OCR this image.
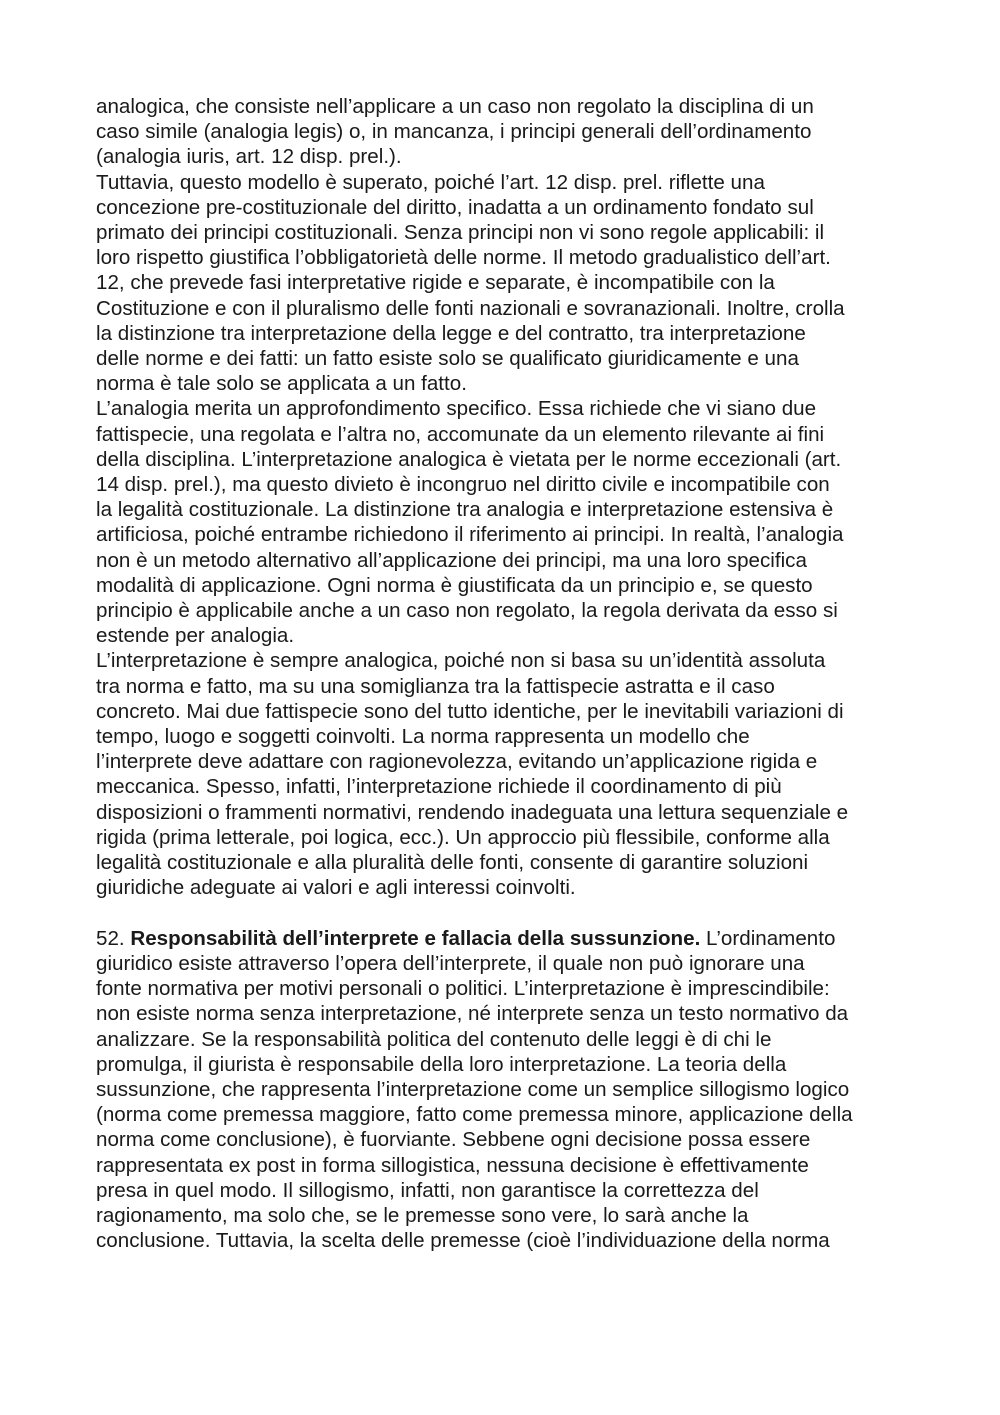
analogica, che consiste nell’applicare a un caso non regolato la disciplina di un
caso simile (analogia legis) o, in mancanza, i principi generali dell’ordinamento
(analogia iuris, art. 12 disp. prel.).

Tuttavia, questo modello è superato, poiché l’art. 12 disp. prel. riflette una
concezione pre-costituzionale del diritto, inadatta a un ordinamento fondato sul
primato dei principi costituzionali. Senza principi non vi sono regole applicabili: il
loro rispetto giustifica l’obbligatorietà delle norme. Il metodo gradualistico dell’art.
12, che prevede fasi interpretative rigide e separate, è incompatibile con la
Costituzione e con il pluralismo delle fonti nazionali e sovranazionali. Inoltre, crolla
la distinzione tra interpretazione della legge e del contratto, tra interpretazione
delle norme e dei fatti: un fatto esiste solo se qualificato giuridicamente e una
norma è tale solo se applicata a un fatto.

L’analogia merita un approfondimento specifico. Essa richiede che vi siano due
fattispecie, una regolata e l’altra no, accomunate da un elemento rilevante ai fini
della disciplina. L’interpretazione analogica è vietata per le norme eccezionali (art.
14 disp. prel.), ma questo divieto è incongruo nel diritto civile e incompatibile con
la legalità costituzionale. La distinzione tra analogia e interpretazione estensiva è
artificiosa, poiché entrambe richiedono il riferimento ai principi. In realtà, l’analogia
non è un metodo alternativo all’applicazione dei principi, ma una loro specifica
modalità di applicazione. Ogni norma è giustificata da un principio e, se questo
principio è applicabile anche a un caso non regolato, la regola derivata da esso si
estende per analogia.

L’interpretazione è sempre analogica, poiché non si basa su un’identità assoluta
tra norma e fatto, ma su una somiglianza tra la fattispecie astratta e il caso
concreto. Mai due fattispecie sono del tutto identiche, per le inevitabili variazioni di
tempo, luogo e soggetti coinvolti. La norma rappresenta un modello che
l’interprete deve adattare con ragionevolezza, evitando un’applicazione rigida e
meccanica. Spesso, infatti, l’interpretazione richiede il coordinamento di più
disposizioni o frammenti normativi, rendendo inadeguata una lettura sequenziale e
rigida (prima letterale, poi logica, ecc.). Un approccio più flessibile, conforme alla
legalità costituzionale e alla pluralità delle fonti, consente di garantire soluzioni
giuridiche adeguate ai valori e agli interessi coinvolti.

52. Responsabilità dell’interprete e fallacia della sussunzione. L’ordinamento
giuridico esiste attraverso l’opera dell’interprete, il quale non può ignorare una
fonte normativa per motivi personali o politici. L’interpretazione è imprescindibile:
non esiste norma senza interpretazione, né interprete senza un testo normativo da
analizzare. Se la responsabilità politica del contenuto delle leggi è di chi le
promulga, il giurista è responsabile della loro interpretazione. La teoria della
sussunzione, che rappresenta l’interpretazione come un semplice sillogismo logico
(norma come premessa maggiore, fatto come premessa minore, applicazione della
norma come conclusione), è fuorviante. Sebbene ogni decisione possa essere
rappresentata ex post in forma sillogistica, nessuna decisione è effettivamente
presa in quel modo. Il sillogismo, infatti, non garantisce la correttezza del
ragionamento, ma solo che, se le premesse sono vere, lo sarà anche la
conclusione. Tuttavia, la scelta delle premesse (cioè l’individuazione della norma
